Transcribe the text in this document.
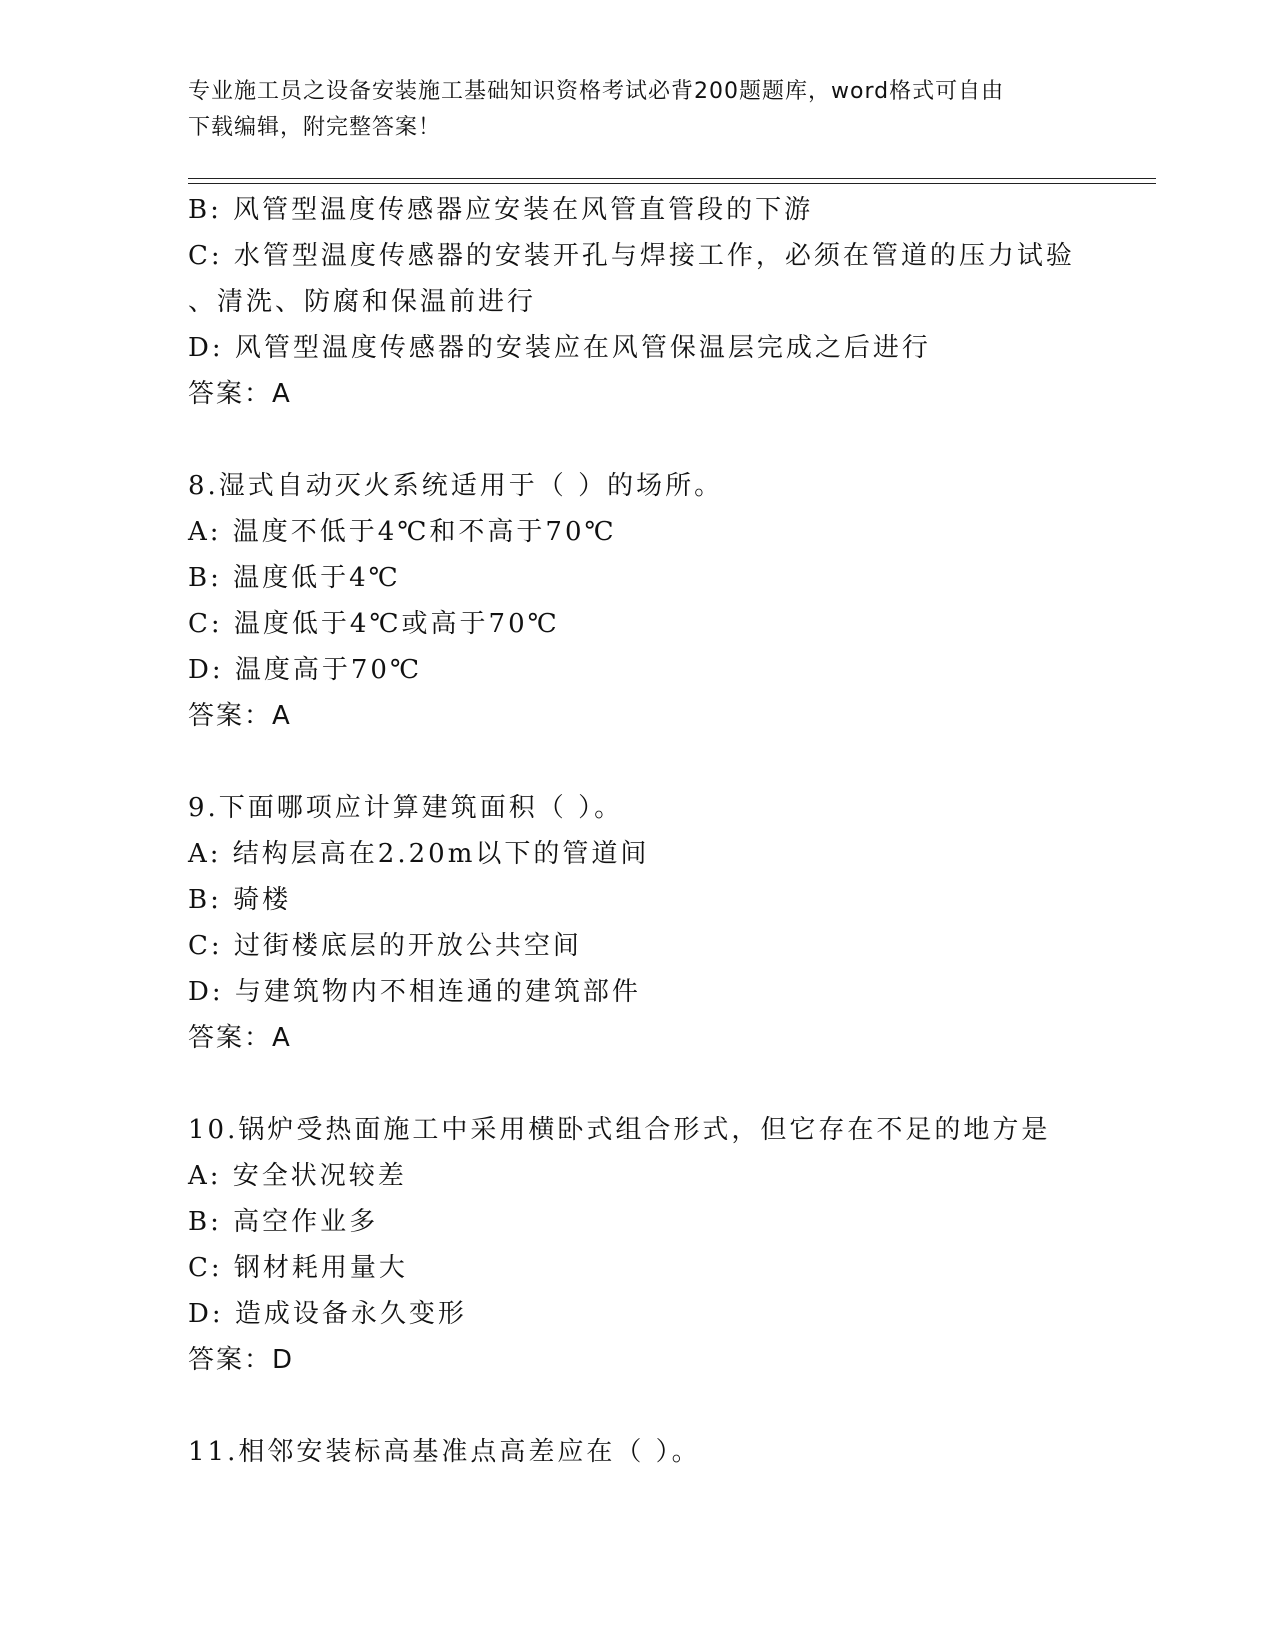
专业施工员之设备安装施工基础知识资格考试必背200题题库，word格式可自由
下载编辑，附完整答案！
B: 风管型温度传感器应安装在风管直管段的下游
C: 水管型温度传感器的安装开孔与焊接工作，必须在管道的压力试验
、清洗、防腐和保温前进行
D: 风管型温度传感器的安装应在风管保温层完成之后进行
答案：A
8.湿式自动灭火系统适用于（ ）的场所。
A: 温度不低于4℃和不高于70℃
B: 温度低于4℃
C: 温度低于4℃或高于70℃
D: 温度高于70℃
答案：A
9.下面哪项应计算建筑面积（ ）。
A: 结构层高在2.20m以下的管道间
B: 骑楼
C: 过街楼底层的开放公共空间
D: 与建筑物内不相连通的建筑部件
答案：A
10.锅炉受热面施工中采用横卧式组合形式，但它存在不足的地方是
A: 安全状况较差
B: 高空作业多
C: 钢材耗用量大
D: 造成设备永久变形
答案：D
11.相邻安装标高基准点高差应在（ ）。
